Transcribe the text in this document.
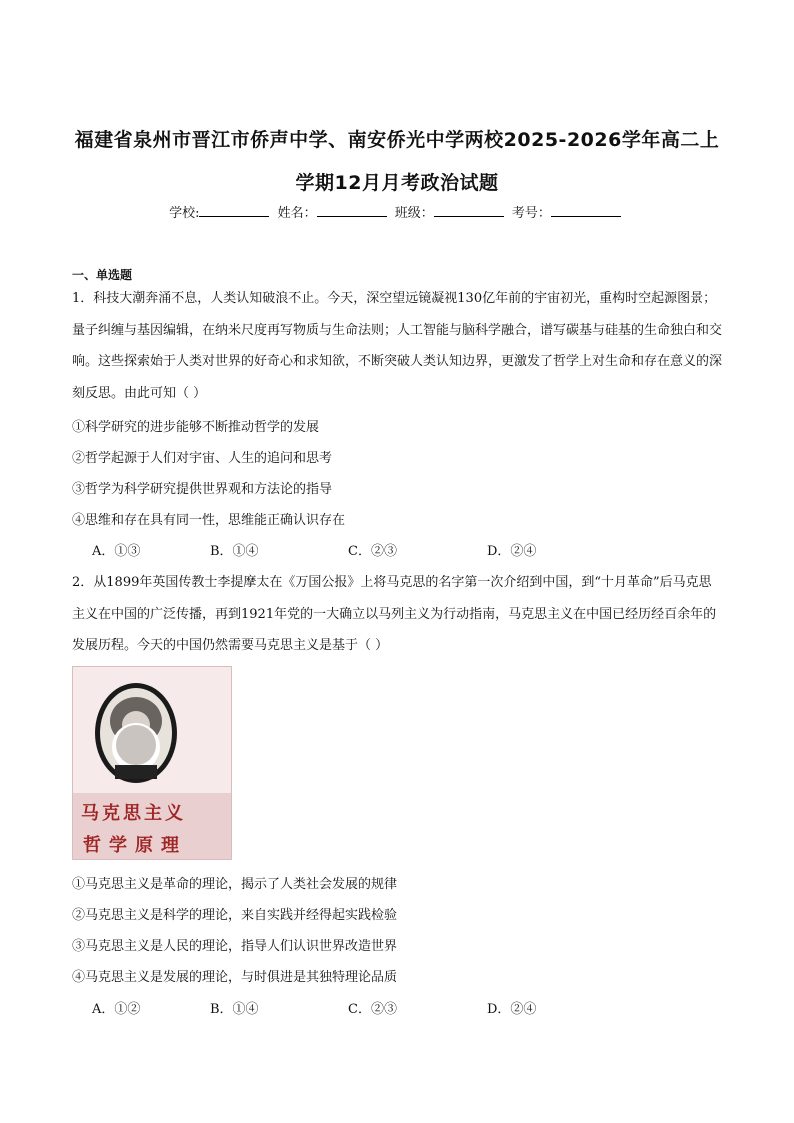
福建省泉州市晋江市侨声中学、南安侨光中学两校2025-2026学年高二上
学期12月月考政治试题
学校:	姓名：	班级：	考号：
一、单选题
1．科技大潮奔涌不息，人类认知破浪不止。今天，深空望远镜凝视130亿年前的宇宙初光，重构时空起源图景；量子纠缠与基因编辑，在纳米尺度再写物质与生命法则；人工智能与脑科学融合，谱写碳基与硅基的生命独白和交响。这些探索始于人类对世界的好奇心和求知欲，不断突破人类认知边界，更激发了哲学上对生命和存在意义的深刻反思。由此可知（ ）
①科学研究的进步能够不断推动哲学的发展
②哲学起源于人们对宇宙、人生的追问和思考
③哲学为科学研究提供世界观和方法论的指导
④思维和存在具有同一性，思维能正确认识存在
A．①③	B．①④	C．②③	D．②④
2．从1899年英国传教士李提摩太在《万国公报》上将马克思的名字第一次介绍到中国，到“十月革命”后马克思主义在中国的广泛传播，再到1921年党的一大确立以马列主义为行动指南，马克思主义在中国已经历经百余年的发展历程。今天的中国仍然需要马克思主义是基于（ ）
马克思主义
哲学原理
①马克思主义是革命的理论，揭示了人类社会发展的规律
②马克思主义是科学的理论，来自实践并经得起实践检验
③马克思主义是人民的理论，指导人们认识世界改造世界
④马克思主义是发展的理论，与时俱进是其独特理论品质
A．①②	B．①④	C．②③	D．②④
